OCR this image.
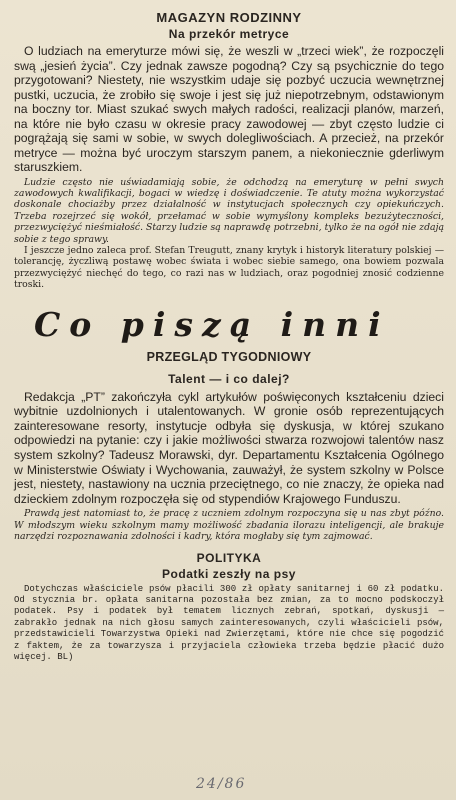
MAGAZYN RODZINNY
Na przekór metryce

O ludziach na emeryturze mówi się, że weszli w „trzeci wiek”, że rozpoczęli swą „jesień życia”. Czy jednak zawsze pogodną? Czy są psychicznie do tego przygotowani? Niestety, nie wszystkim udaje się pozbyć uczucia wewnętrznej pustki, uczucia, że zrobiło się swoje i jest się już niepotrzebnym, odstawionym na boczny tor. Miast szukać swych małych radości, realizacji planów, marzeń, na które nie było czasu w okresie pracy zawodowej — zbyt często ludzie ci pogrążają się sami w sobie, w swych dolegliwościach. A przecież, na przekór metryce — można być uroczym starszym panem, a niekoniecznie gderliwym staruszkiem.

Ludzie często nie uświadamiają sobie, że odchodzą na emeryturę w pełni swych zawodowych kwalifikacji, bogaci w wiedzę i doświadczenie. Te atuty można wykorzystać doskonale chociażby przez działalność w instytucjach społecznych czy opiekuńczych. Trzeba rozejrzeć się wokół, przełamać w sobie wymyślony kompleks bezużyteczności, przezwyciężyć nieśmiałość. Starzy ludzie są naprawdę potrzebni, tylko że na ogół nie zdają sobie z tego sprawy.

I jeszcze jedno zaleca prof. Stefan Treugutt, znany krytyk i historyk literatury polskiej — tolerancję, życzliwą postawę wobec świata i wobec siebie samego, ona bowiem pozwala przezwyciężyć niechęć do tego, co razi nas w ludziach, oraz pogodniej znosić codzienne troski.

Co piszą inni
PRZEGLĄD TYGODNIOWY
Talent — i co dalej?

Redakcja „PT” zakończyła cykl artykułów poświęconych kształceniu dzieci wybitnie uzdolnionych i utalentowanych. W gronie osób reprezentujących zainteresowane resorty, instytucje odbyła się dyskusja, w której szukano odpowiedzi na pytanie: czy i jakie możliwości stwarza rozwojowi talentów nasz system szkolny? Tadeusz Morawski, dyr. Departamentu Kształcenia Ogólnego w Ministerstwie Oświaty i Wychowania, zauważył, że system szkolny w Polsce jest, niestety, nastawiony na ucznia przeciętnego, co nie znaczy, że opieka nad dzieckiem zdolnym rozpoczęła się od stypendiów Krajowego Funduszu.

Prawdą jest natomiast to, że pracę z uczniem zdolnym rozpoczyna się u nas zbyt późno. W młodszym wieku szkolnym mamy możliwość zbadania ilorazu inteligencji, ale brakuje narzędzi rozpoznawania zdolności i kadry, która mogłaby się tym zajmować.

POLITYKA
Podatki zeszły na psy

Dotychczas właściciele psów płacili 300 zł opłaty sanitarnej i 60 zł podatku. Od stycznia br. opłata sanitarna pozostała bez zmian, za to mocno podskoczył podatek. Psy i podatek był tematem licznych zebrań, spotkań, dyskusji — zabrakło jednak na nich głosu samych zainteresowanych, czyli właścicieli psów, przedstawicieli Towarzystwa Opieki nad Zwierzętami, które nie chce się pogodzić z faktem, że za towarzysza i przyjaciela człowieka trzeba będzie płacić dużo więcej. BL)

24/86
